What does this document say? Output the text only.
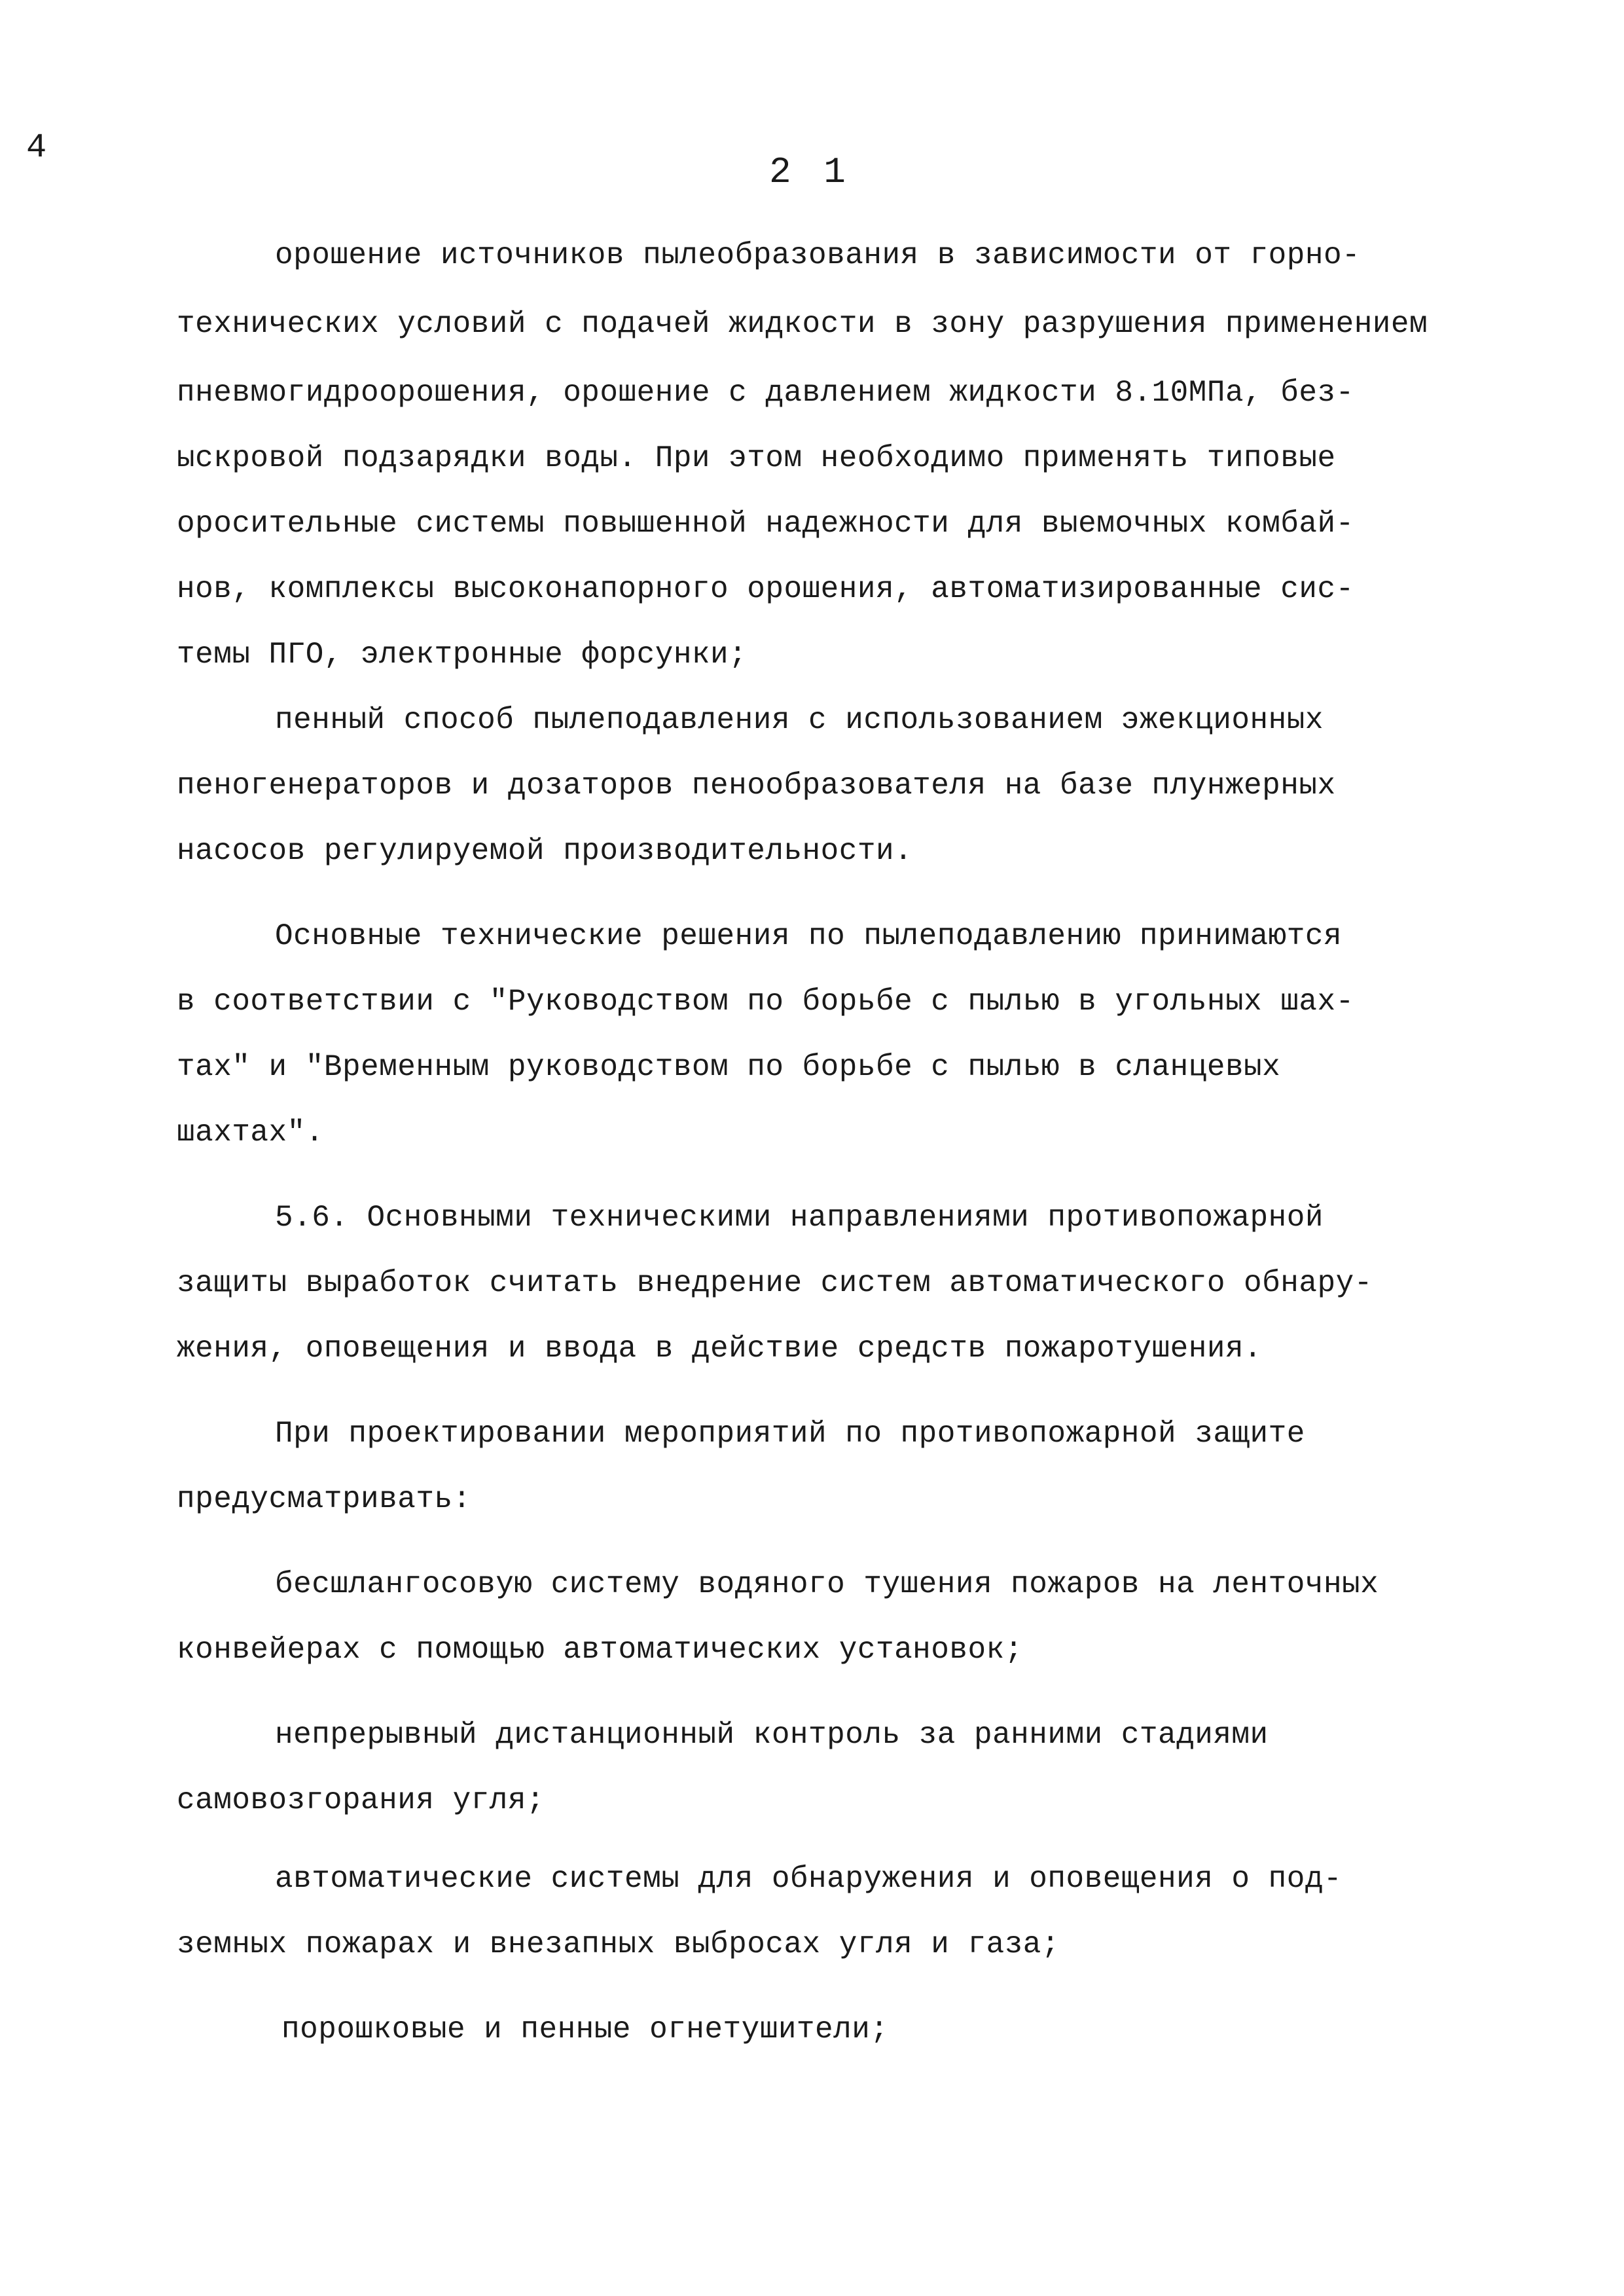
4
2 1
орошение источников пылеобразования в зависимости от горно-
технических условий с подачей жидкости в зону разрушения применением
пневмогидроорошения, орошение с давлением жидкости 8.10МПа, без-
ыскровой подзарядки воды. При этом необходимо применять типовые
оросительные системы повышенной надежности для выемочных комбай-
нов, комплексы высоконапорного орошения, автоматизированные сис-
темы ПГО, электронные форсунки;
пенный способ пылеподавления с использованием эжекционных
пеногенераторов и дозаторов пенообразователя на базе плунжерных
насосов регулируемой производительности.
Основные технические решения по пылеподавлению принимаются
в соответствии с "Руководством по борьбе с пылью в угольных шах-
тах" и "Временным руководством по борьбе с пылью в сланцевых
шахтах".
5.6. Основными техническими направлениями противопожарной
защиты выработок считать внедрение систем автоматического обнару-
жения, оповещения и ввода в действие средств пожаротушения.
При проектировании мероприятий по противопожарной защите
предусматривать:
бесшлангосовую систему водяного тушения пожаров на ленточных
конвейерах с помощью автоматических установок;
непрерывный дистанционный контроль за ранними стадиями
самовозгорания угля;
автоматические системы для обнаружения и оповещения о под-
земных пожарах и внезапных выбросах угля и газа;
порошковые и пенные огнетушители;
